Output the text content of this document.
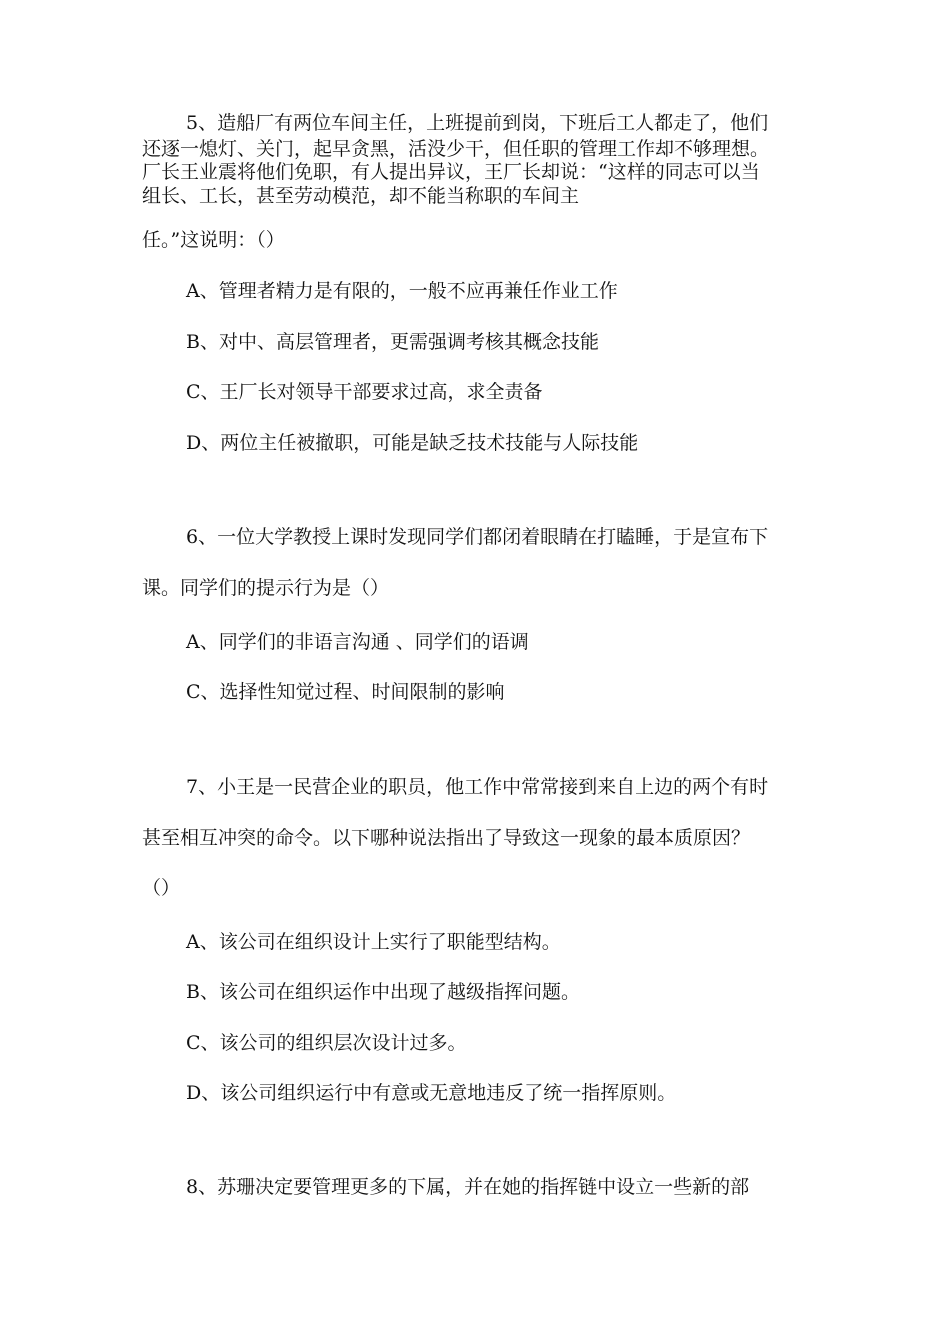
5、造船厂有两位车间主任，上班提前到岗，下班后工人都走了，他们
还逐一熄灯、关门，起早贪黑，活没少干，但任职的管理工作却不够理想。
厂长王业震将他们免职，有人提出异议，王厂长却说：“这样的同志可以当
组长、工长，甚至劳动模范，却不能当称职的车间主
任。”这说明：（）
A、管理者精力是有限的，一般不应再兼任作业工作
B、对中、高层管理者，更需强调考核其概念技能
C、王厂长对领导干部要求过高，求全责备
D、两位主任被撤职，可能是缺乏技术技能与人际技能
6、一位大学教授上课时发现同学们都闭着眼睛在打瞌睡，于是宣布下
课。同学们的提示行为是（）
A、同学们的非语言沟通 、同学们的语调
C、选择性知觉过程、时间限制的影响
7、小王是一民营企业的职员，他工作中常常接到来自上边的两个有时
甚至相互冲突的命令。以下哪种说法指出了导致这一现象的最本质原因？
（）
A、该公司在组织设计上实行了职能型结构。
B、该公司在组织运作中出现了越级指挥问题。
C、该公司的组织层次设计过多。
D、该公司组织运行中有意或无意地违反了统一指挥原则。
8、苏珊决定要管理更多的下属，并在她的指挥链中设立一些新的部
